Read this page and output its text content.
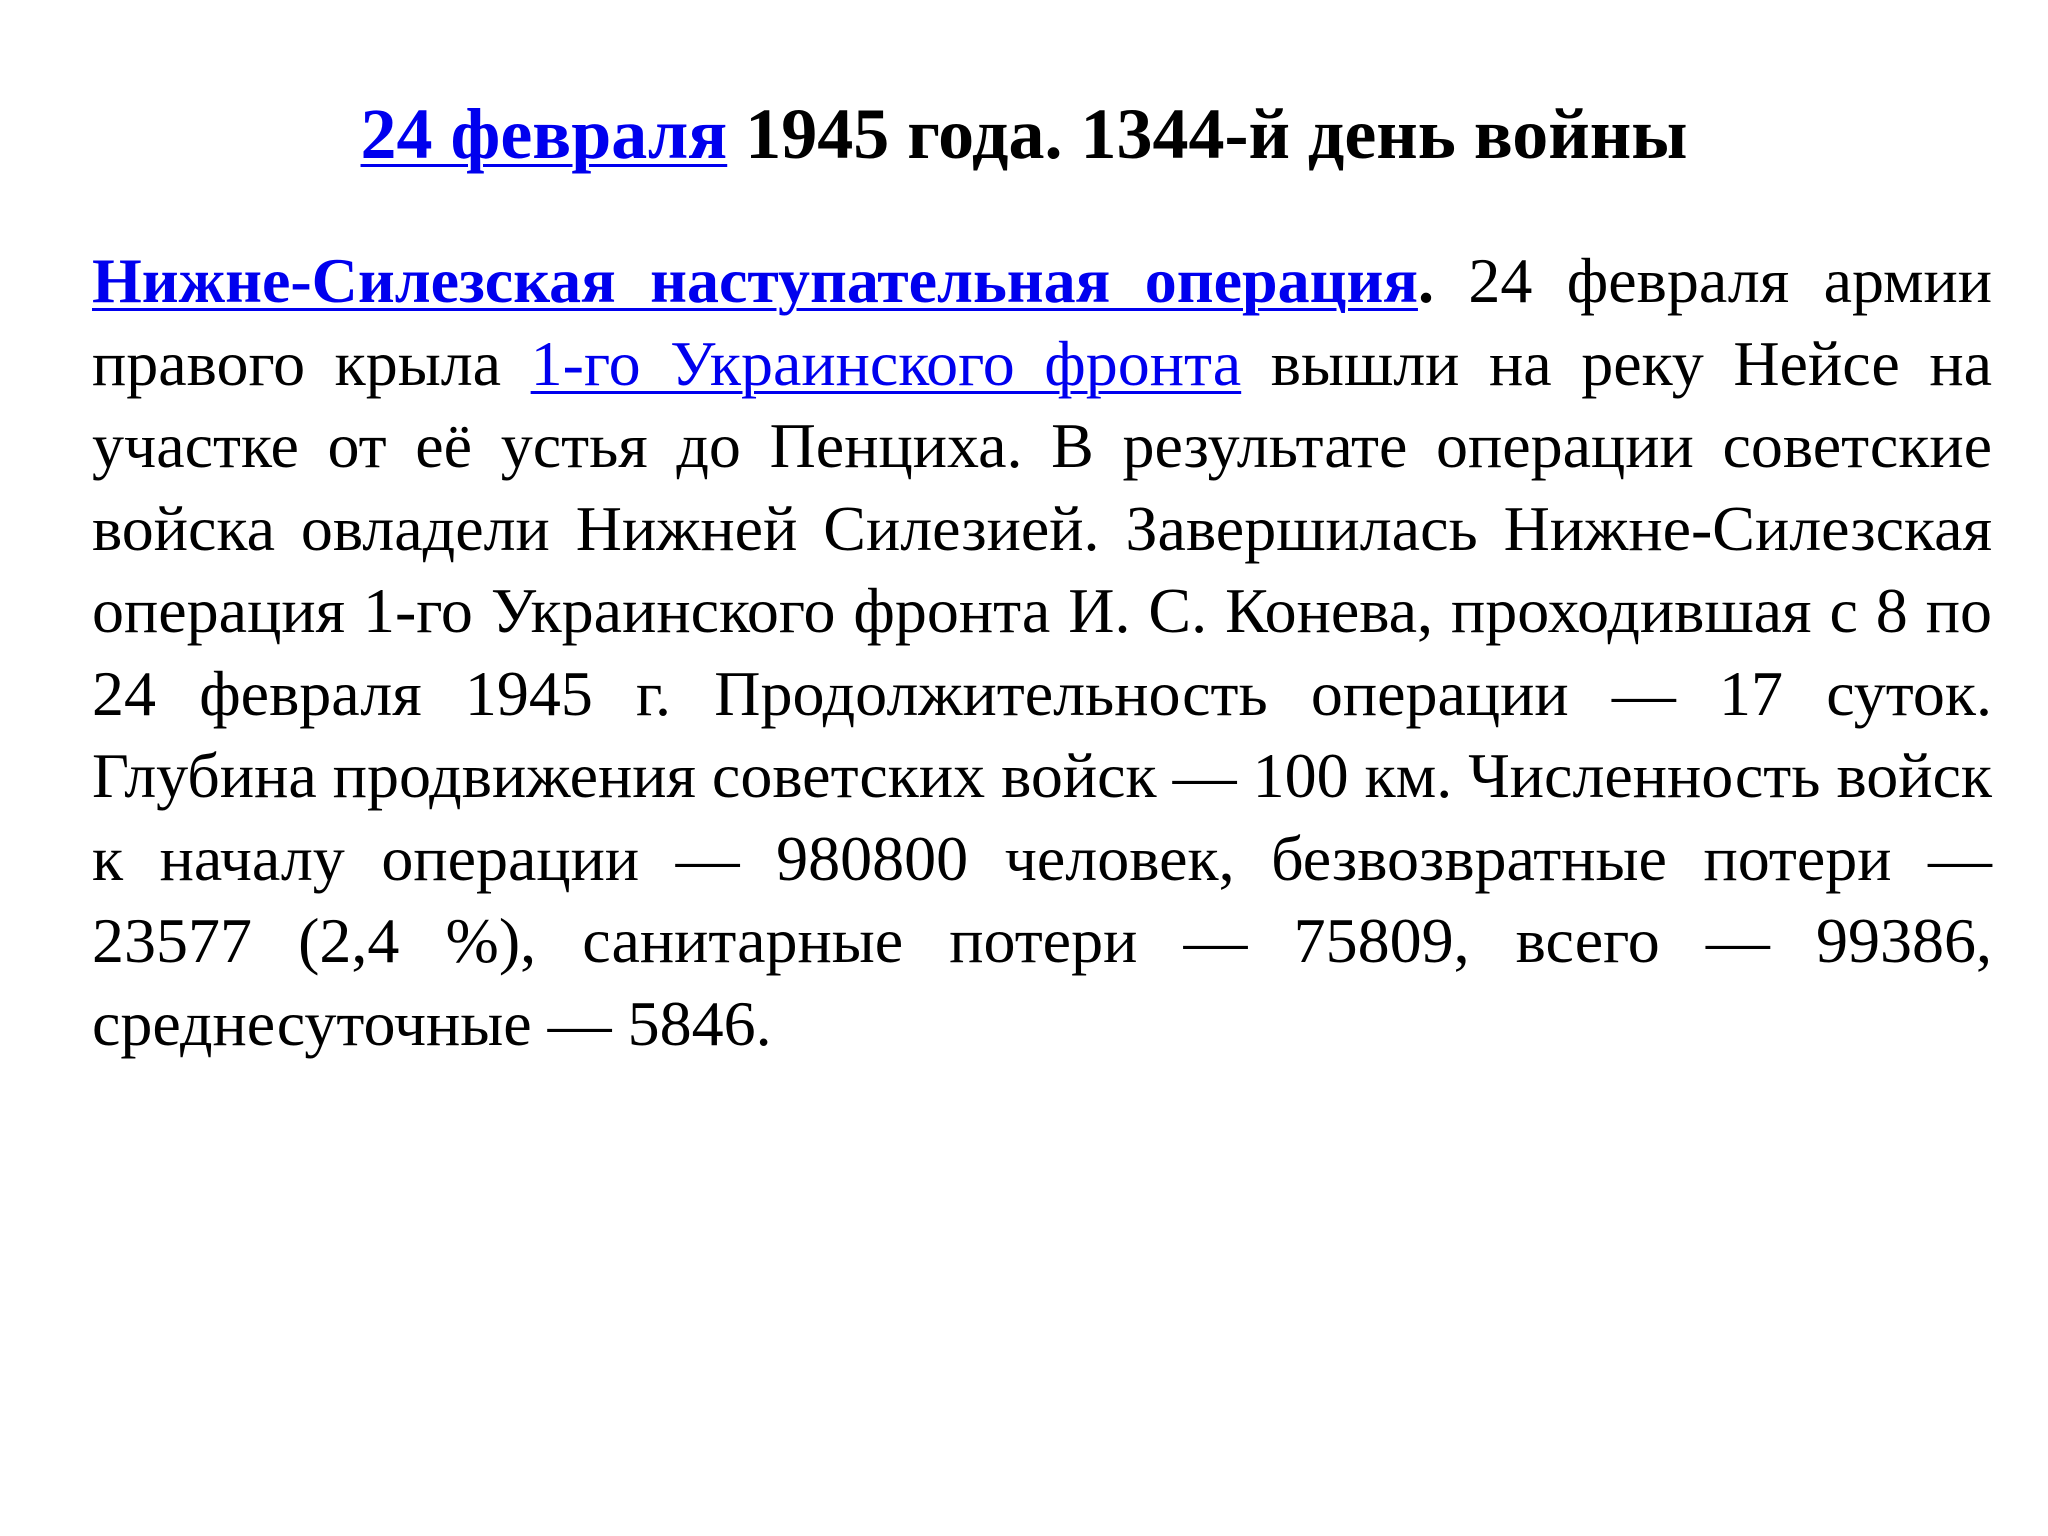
24 февраля 1945 года. 1344-й день войны
Нижне-Силезская наступательная операция. 24 февраля армии правого крыла 1-го Украинского фронта вышли на реку Нейсе на участке от её устья до Пенциха. В результате операции советские войска овладели Нижней Силезией. Завершилась Нижне-Силезская операция 1-го Украинского фронта И. С. Конева, проходившая с 8 по 24 февраля 1945 г. Продолжительность операции — 17 суток. Глубина продвижения советских войск — 100 км. Численность войск к началу операции — 980800 человек, безвозвратные потери — 23577 (2,4 %), санитарные потери — 75809, всего — 99386, среднесуточные — 5846.
